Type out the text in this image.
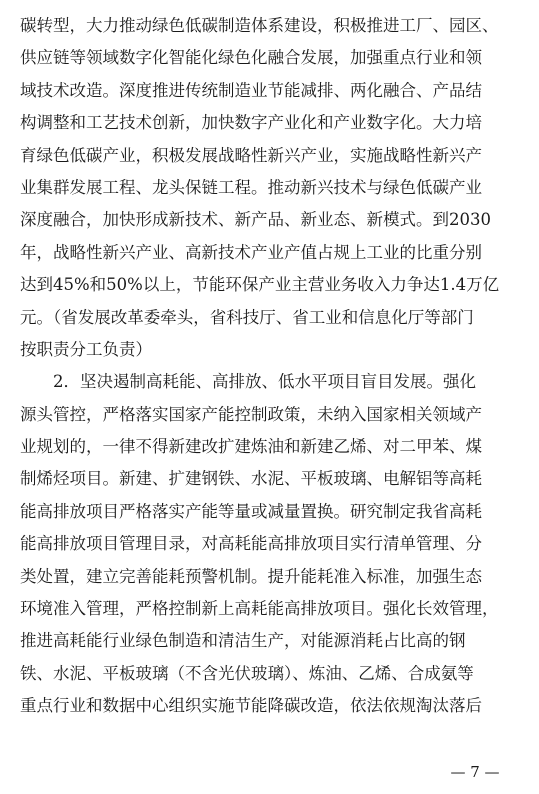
碳转型，大力推动绿色低碳制造体系建设，积极推进工厂、园区、
供应链等领域数字化智能化绿色化融合发展，加强重点行业和领
域技术改造。深度推进传统制造业节能减排、两化融合、产品结
构调整和工艺技术创新，加快数字产业化和产业数字化。大力培
育绿色低碳产业，积极发展战略性新兴产业，实施战略性新兴产
业集群发展工程、龙头保链工程。推动新兴技术与绿色低碳产业
深度融合，加快形成新技术、新产品、新业态、新模式。到2030
年，战略性新兴产业、高新技术产业产值占规上工业的比重分别
达到45%和50%以上，节能环保产业主营业务收入力争达1.4万亿
元。（省发展改革委牵头，省科技厅、省工业和信息化厅等部门
按职责分工负责）
　　2．坚决遏制高耗能、高排放、低水平项目盲目发展。强化
源头管控，严格落实国家产能控制政策，未纳入国家相关领域产
业规划的，一律不得新建改扩建炼油和新建乙烯、对二甲苯、煤
制烯烃项目。新建、扩建钢铁、水泥、平板玻璃、电解铝等高耗
能高排放项目严格落实产能等量或减量置换。研究制定我省高耗
能高排放项目管理目录，对高耗能高排放项目实行清单管理、分
类处置，建立完善能耗预警机制。提升能耗准入标准，加强生态
环境准入管理，严格控制新上高耗能高排放项目。强化长效管理，
推进高耗能行业绿色制造和清洁生产，对能源消耗占比高的钢
铁、水泥、平板玻璃（不含光伏玻璃）、炼油、乙烯、合成氨等
重点行业和数据中心组织实施节能降碳改造，依法依规淘汰落后
— 7 —
